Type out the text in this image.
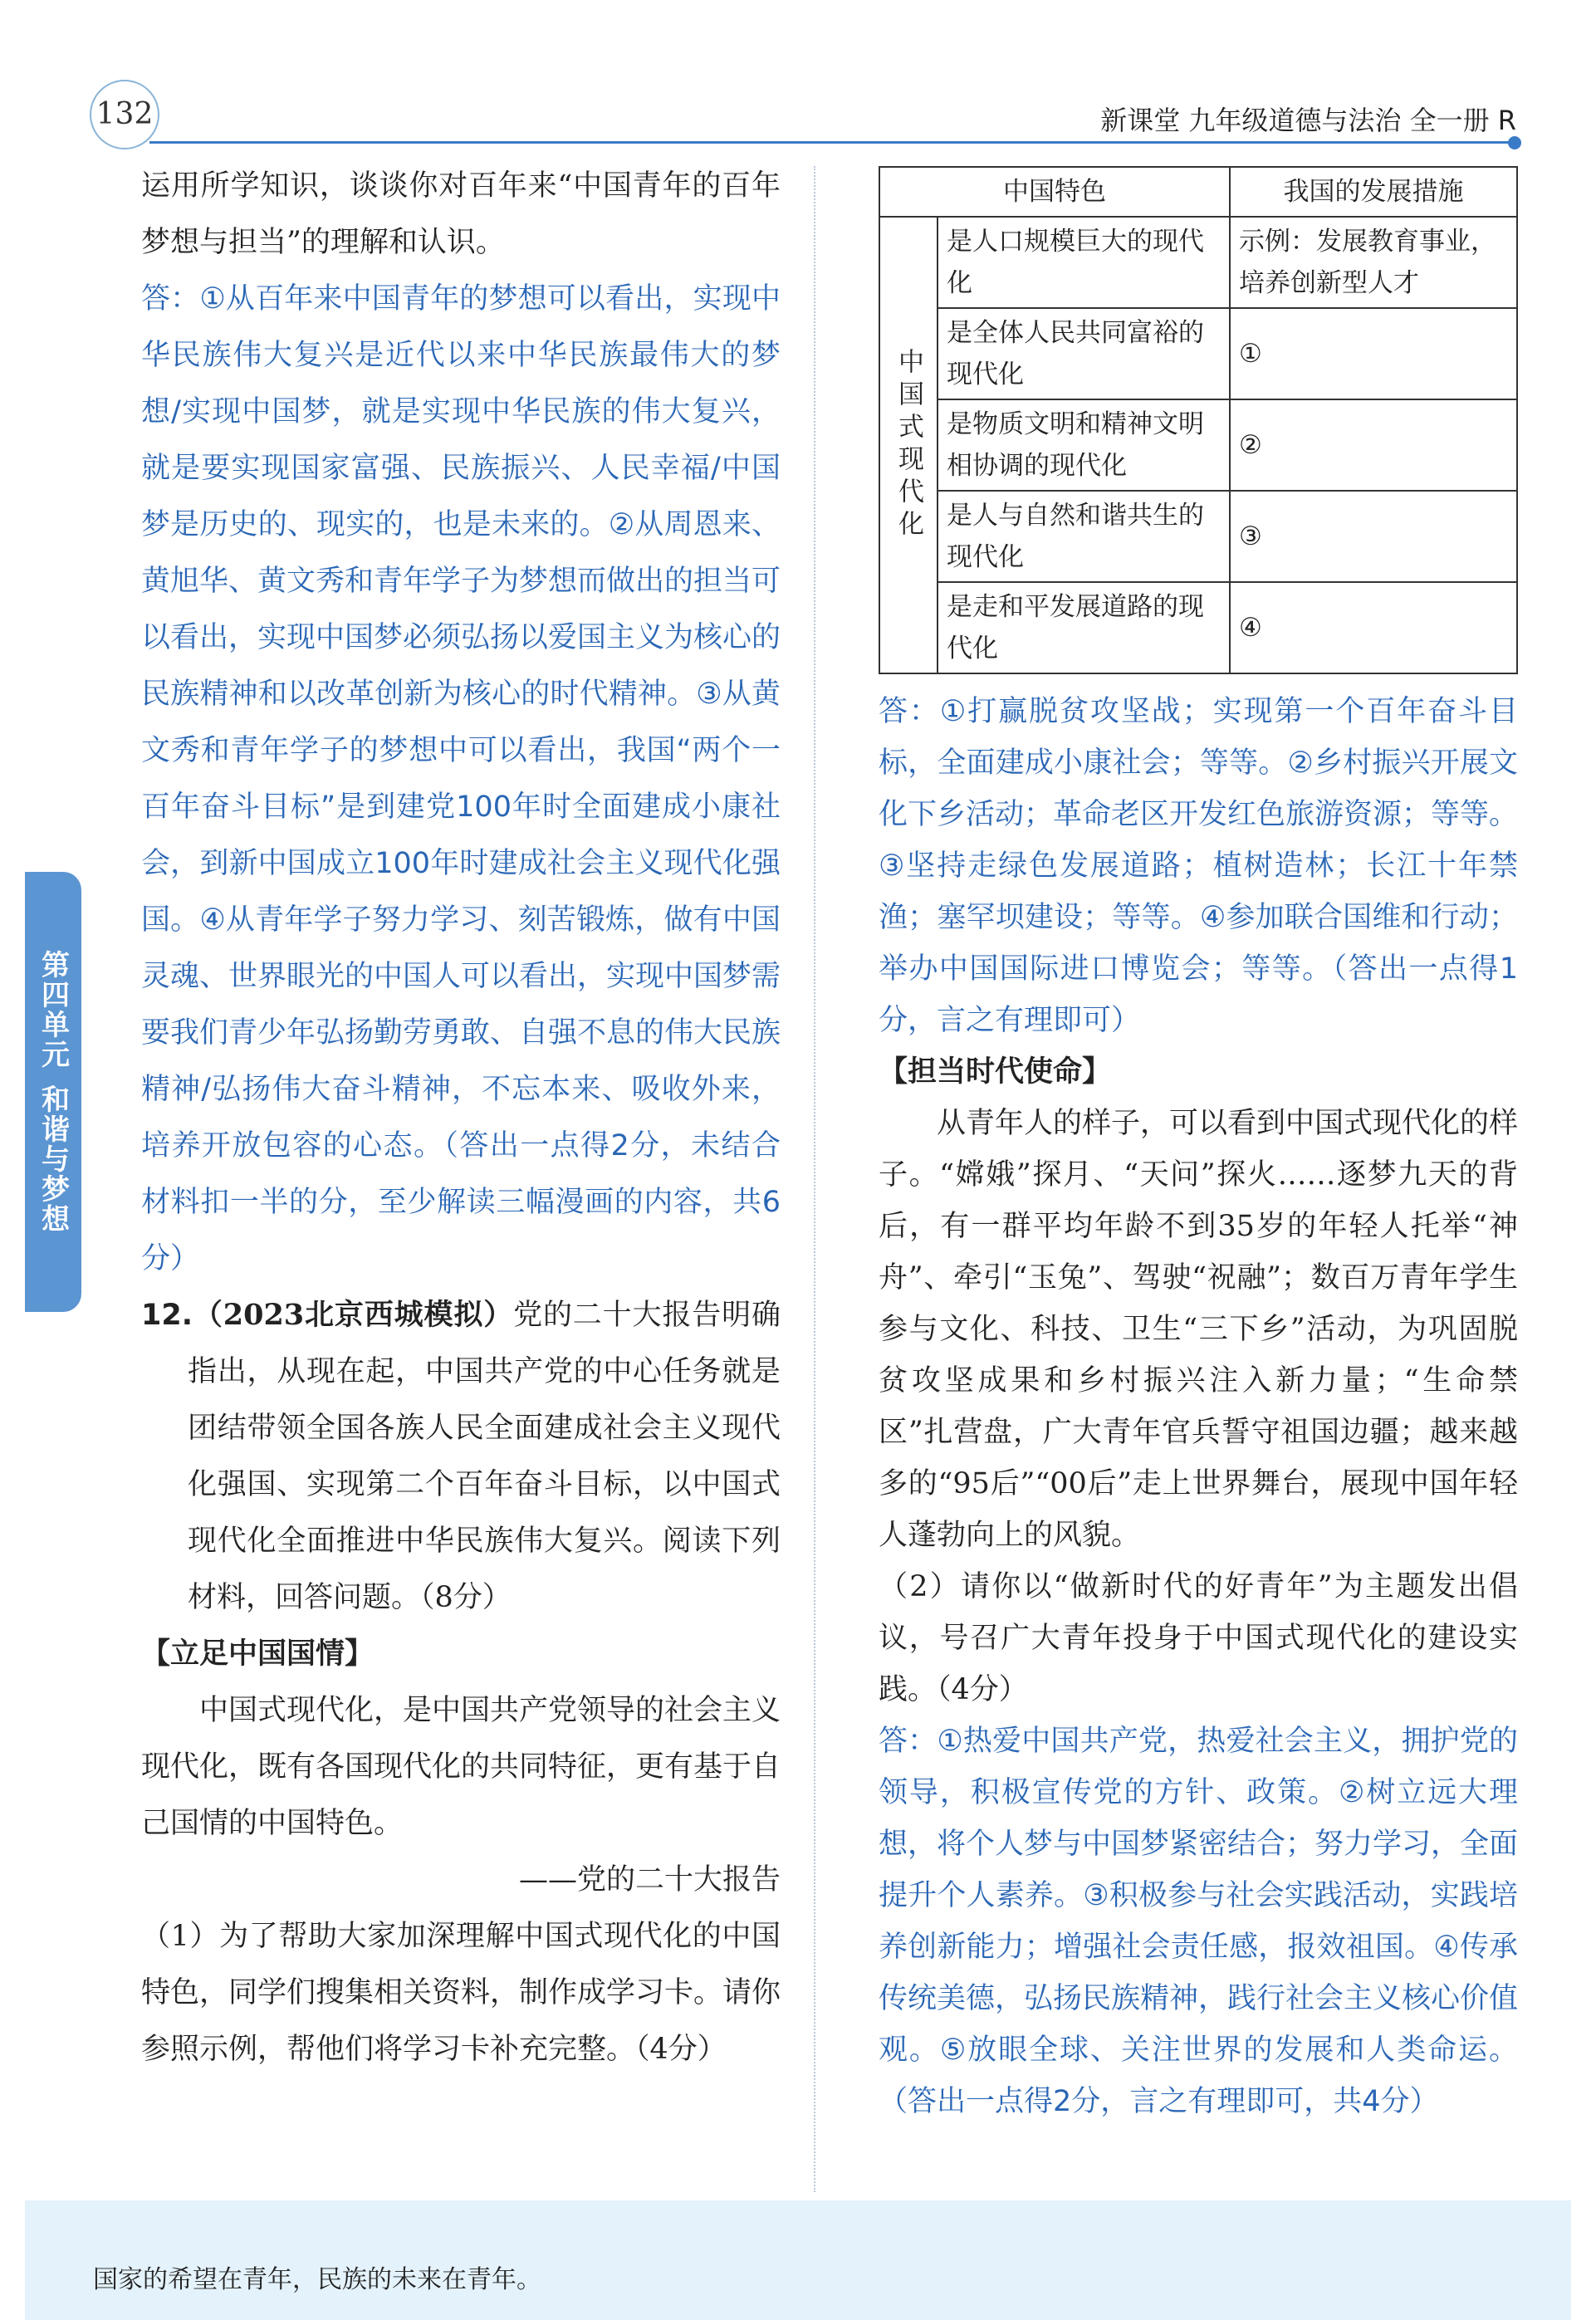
132	新课堂 九年级道德与法治 全一册 R
第四单元
和谐与梦想

运用所学知识，谈谈你对百年来“中国青年的百年梦想与担当”的理解和认识。

答：①从百年来中国青年的梦想可以看出，实现中华民族伟大复兴是近代以来中华民族最伟大的梦想/实现中国梦，就是实现中华民族的伟大复兴，就是要实现国家富强、民族振兴、人民幸福/中国梦是历史的、现实的，也是未来的。②从周恩来、黄旭华、黄文秀和青年学子为梦想而做出的担当可以看出，实现中国梦必须弘扬以爱国主义为核心的民族精神和以改革创新为核心的时代精神。③从黄文秀和青年学子的梦想中可以看出，我国“两个一百年奋斗目标”是到建党100年时全面建成小康社会，到新中国成立100年时建成社会主义现代化强国。④从青年学子努力学习、刻苦锻炼，做有中国灵魂、世界眼光的中国人可以看出，实现中国梦需要我们青少年弘扬勤劳勇敢、自强不息的伟大民族精神/弘扬伟大奋斗精神，不忘本来、吸收外来，培养开放包容的心态。（答出一点得2分，未结合材料扣一半的分，至少解读三幅漫画的内容，共6分）

12.（2023北京西城模拟）党的二十大报告明确指出，从现在起，中国共产党的中心任务就是团结带领全国各族人民全面建成社会主义现代化强国、实现第二个百年奋斗目标，以中国式现代化全面推进中华民族伟大复兴。阅读下列材料，回答问题。（8分）

【立足中国国情】

中国式现代化，是中国共产党领导的社会主义现代化，既有各国现代化的共同特征，更有基于自己国情的中国特色。

——党的二十大报告

（1）为了帮助大家加深理解中国式现代化的中国特色，同学们搜集相关资料，制作成学习卡。请你参照示例，帮他们将学习卡补充完整。（4分）

中国特色		我国的发展措施
中国式现代化	是人口规模巨大的现代化	示例：发展教育事业，培养创新型人才
	是全体人民共同富裕的现代化	①
	是物质文明和精神文明相协调的现代化	②
	是人与自然和谐共生的现代化	③
	是走和平发展道路的现代化	④

答：①打赢脱贫攻坚战；实现第一个百年奋斗目标，全面建成小康社会；等等。②乡村振兴开展文化下乡活动；革命老区开发红色旅游资源；等等。③坚持走绿色发展道路；植树造林；长江十年禁渔；塞罕坝建设；等等。④参加联合国维和行动；举办中国国际进口博览会；等等。（答出一点得1分，言之有理即可）

【担当时代使命】

从青年人的样子，可以看到中国式现代化的样子。“嫦娥”探月、“天问”探火……逐梦九天的背后，有一群平均年龄不到35岁的年轻人托举“神舟”、牵引“玉兔”、驾驶“祝融”；数百万青年学生参与文化、科技、卫生“三下乡”活动，为巩固脱贫攻坚成果和乡村振兴注入新力量；“生命禁区”扎营盘，广大青年官兵誓守祖国边疆；越来越多的“95后”“00后”走上世界舞台，展现中国年轻人蓬勃向上的风貌。

（2）请你以“做新时代的好青年”为主题发出倡议，号召广大青年投身于中国式现代化的建设实践。（4分）

答：①热爱中国共产党，热爱社会主义，拥护党的领导，积极宣传党的方针、政策。②树立远大理想，将个人梦与中国梦紧密结合；努力学习，全面提升个人素养。③积极参与社会实践活动，实践培养创新能力；增强社会责任感，报效祖国。④传承传统美德，弘扬民族精神，践行社会主义核心价值观。⑤放眼全球、关注世界的发展和人类命运。（答出一点得2分，言之有理即可，共4分）

国家的希望在青年，民族的未来在青年。
